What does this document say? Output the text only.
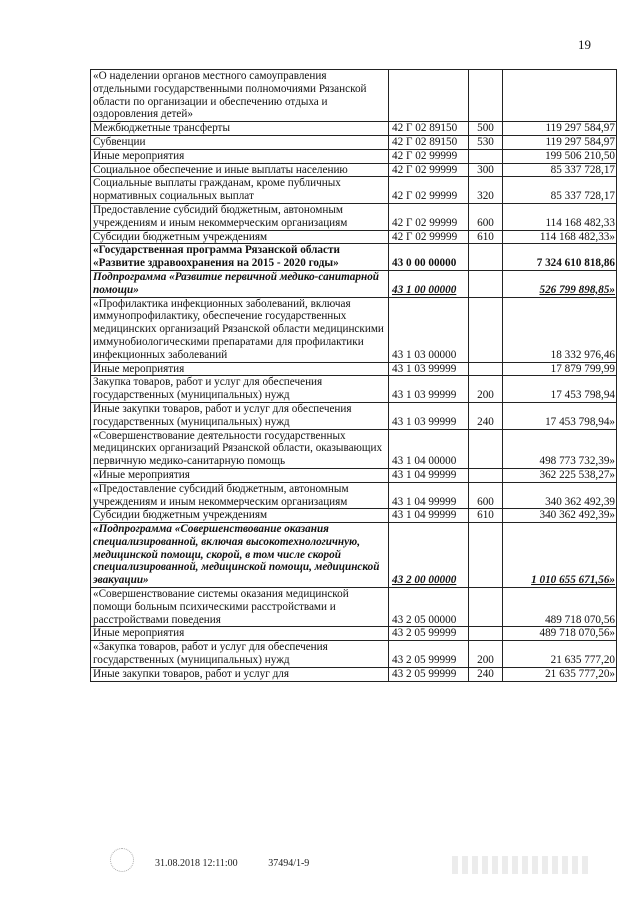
19
«О наделении органов местного самоуправления отдельными государственными полномочиями Рязанской области по организации и обеспечению отдыха и оздоровления детей»			
Межбюджетные трансферты	42 Г 02 89150	500	119 297 584,97
Субвенции	42 Г 02 89150	530	119 297 584,97
Иные мероприятия	42 Г 02 99999		199 506 210,50
Социальное обеспечение и иные выплаты населению	42 Г 02 99999	300	85 337 728,17
Социальные выплаты гражданам, кроме публичных нормативных социальных выплат	42 Г 02 99999	320	85 337 728,17
Предоставление субсидий бюджетным, автономным учреждениям и иным некоммерческим организациям	42 Г 02 99999	600	114 168 482,33
Субсидии бюджетным учреждениям	42 Г 02 99999	610	114 168 482,33»
«Государственная программа Рязанской области «Развитие здравоохранения на 2015 - 2020 годы»	43 0 00 00000		7 324 610 818,86
Подпрограмма «Развитие первичной медико-санитарной помощи»	43 1 00 00000		526 799 898,85»
«Профилактика инфекционных заболеваний, включая иммунопрофилактику, обеспечение государственных медицинских организаций Рязанской области медицинскими иммунобиологическими препаратами для профилактики инфекционных заболеваний	43 1 03 00000		18 332 976,46
Иные мероприятия	43 1 03 99999		17 879 799,99
Закупка товаров, работ и услуг для обеспечения государственных (муниципальных) нужд	43 1 03 99999	200	17 453 798,94
Иные закупки товаров, работ и услуг для обеспечения государственных (муниципальных) нужд	43 1 03 99999	240	17 453 798,94»
«Совершенствование деятельности государственных медицинских организаций Рязанской области, оказывающих первичную медико-санитарную помощь	43 1 04 00000		498 773 732,39»
«Иные мероприятия	43 1 04 99999		362 225 538,27»
«Предоставление субсидий бюджетным, автономным учреждениям и иным некоммерческим организациям	43 1 04 99999	600	340 362 492,39
Субсидии бюджетным учреждениям	43 1 04 99999	610	340 362 492,39»
«Подпрограмма «Совершенствование оказания специализированной, включая высокотехнологичную, медицинской помощи, скорой, в том числе скорой специализированной, медицинской помощи, медицинской эвакуации»	43 2 00 00000		1 010 655 671,56»
«Совершенствование системы оказания медицинской помощи больным психическими расстройствами и расстройствами поведения	43 2 05 00000		489 718 070,56
Иные мероприятия	43 2 05 99999		489 718 070,56»
«Закупка товаров, работ и услуг для обеспечения государственных (муниципальных) нужд	43 2 05 99999	200	21 635 777,20
Иные закупки товаров, работ и услуг для	43 2 05 99999	240	21 635 777,20»
31.08.2018 12:11:00	37494/1-9
